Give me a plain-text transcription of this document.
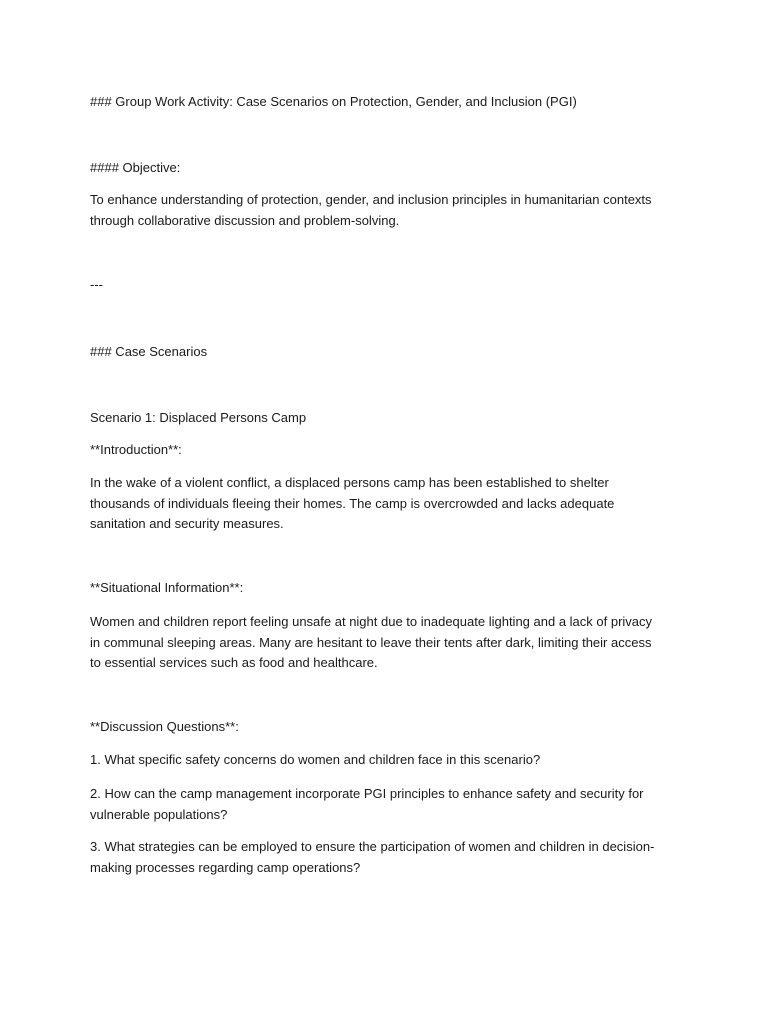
### Group Work Activity: Case Scenarios on Protection, Gender, and Inclusion (PGI)

#### Objective:

To enhance understanding of protection, gender, and inclusion principles in humanitarian contexts through collaborative discussion and problem-solving.

---

### Case Scenarios

Scenario 1: Displaced Persons Camp

**Introduction**:

In the wake of a violent conflict, a displaced persons camp has been established to shelter thousands of individuals fleeing their homes. The camp is overcrowded and lacks adequate sanitation and security measures.

**Situational Information**:

Women and children report feeling unsafe at night due to inadequate lighting and a lack of privacy in communal sleeping areas. Many are hesitant to leave their tents after dark, limiting their access to essential services such as food and healthcare.

**Discussion Questions**:

1. What specific safety concerns do women and children face in this scenario?

2. How can the camp management incorporate PGI principles to enhance safety and security for vulnerable populations?

3. What strategies can be employed to ensure the participation of women and children in decision-making processes regarding camp operations?
